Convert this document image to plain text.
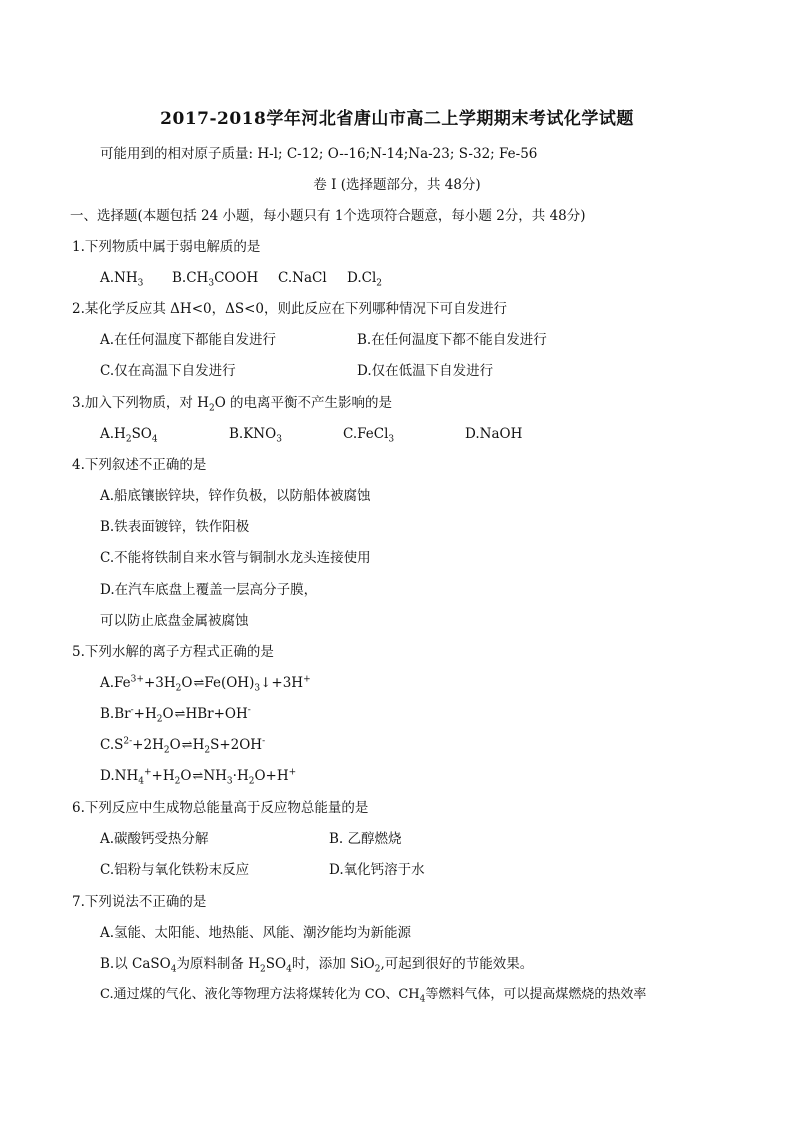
2017-2018学年河北省唐山市高二上学期期末考试化学试题
可能用到的相对原子质量: H-l; C-12; O--16;N-14;Na-23; S-32; Fe-56
卷 I (选择题部分，共 48分)
一、选择题(本题包括 24 小题，每小题只有 1个选项符合题意，每小题 2分，共 48分)
1.下列物质中属于弱电解质的是
$A.NH_3$ $B.CH_3COOH$ C.NaCl $D.Cl_2$
2.某化学反应其 ΔH<0，ΔS<0，则此反应在下列哪种情况下可自发进行
A.在任何温度下都能自发进行	B.在任何温度下都不能自发进行
C.仅在高温下自发进行	D.仅在低温下自发进行
3.加入下列物质，对 $H_2O$ 的电离平衡不产生影响的是
$A.H_2SO_4$	$B.KNO_3$	C.FeCl$_3$	D.NaOH
4.下列叙述不正确的是
A.船底镶嵌锌块，锌作负极，以防船体被腐蚀
B.铁表面镀锌，铁作阳极
C.不能将铁制自来水管与铜制水龙头连接使用
D.在汽车底盘上覆盖一层高分子膜，
可以防止底盘金属被腐蚀
5.下列水解的离子方程式正确的是
$A.Fe^{3+}+3H_2O\rightleftharpoons Fe(OH)_3↓+3H^+$
$B.Br^-+H_2O\rightleftharpoons HBr+OH^-$
$C.S^{2-}+2H_2O\rightleftharpoons H_2S+2OH^-$
$D.NH_4^++H_2O\rightleftharpoons NH_3\cdot H_2O+H^+$
6.下列反应中生成物总能量高于反应物总能量的是
A.碳酸钙受热分解	B. 乙醇燃烧
C.铝粉与氧化铁粉末反应	D.氧化钙溶于水
7.下列说法不正确的是
A.氢能、太阳能、地热能、风能、潮汐能均为新能源
B.以 CaSO$_4$为原料制备 $H_2SO_4$时，添加 SiO$_2$,可起到很好的节能效果。
C.通过煤的气化、液化等物理方法将煤转化为 CO、$CH_4$等燃料气体，可以提高煤燃烧的热效率
